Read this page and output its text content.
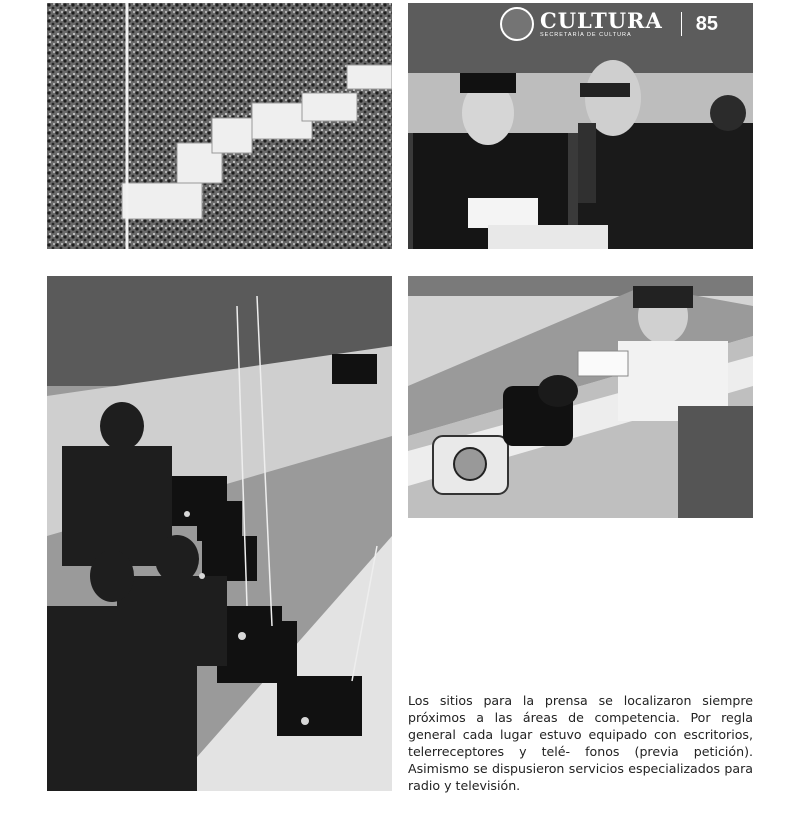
CULTURA
SECRETARÍA DE CULTURA
85

Los sitios para la prensa se localizaron siempre próximos a las áreas de competencia. Por regla general cada lugar estuvo equipado con escritorios, telerreceptores y telé- fonos (previa petición). Asimismo se dispusieron servicios especializados para radio y televisión.
